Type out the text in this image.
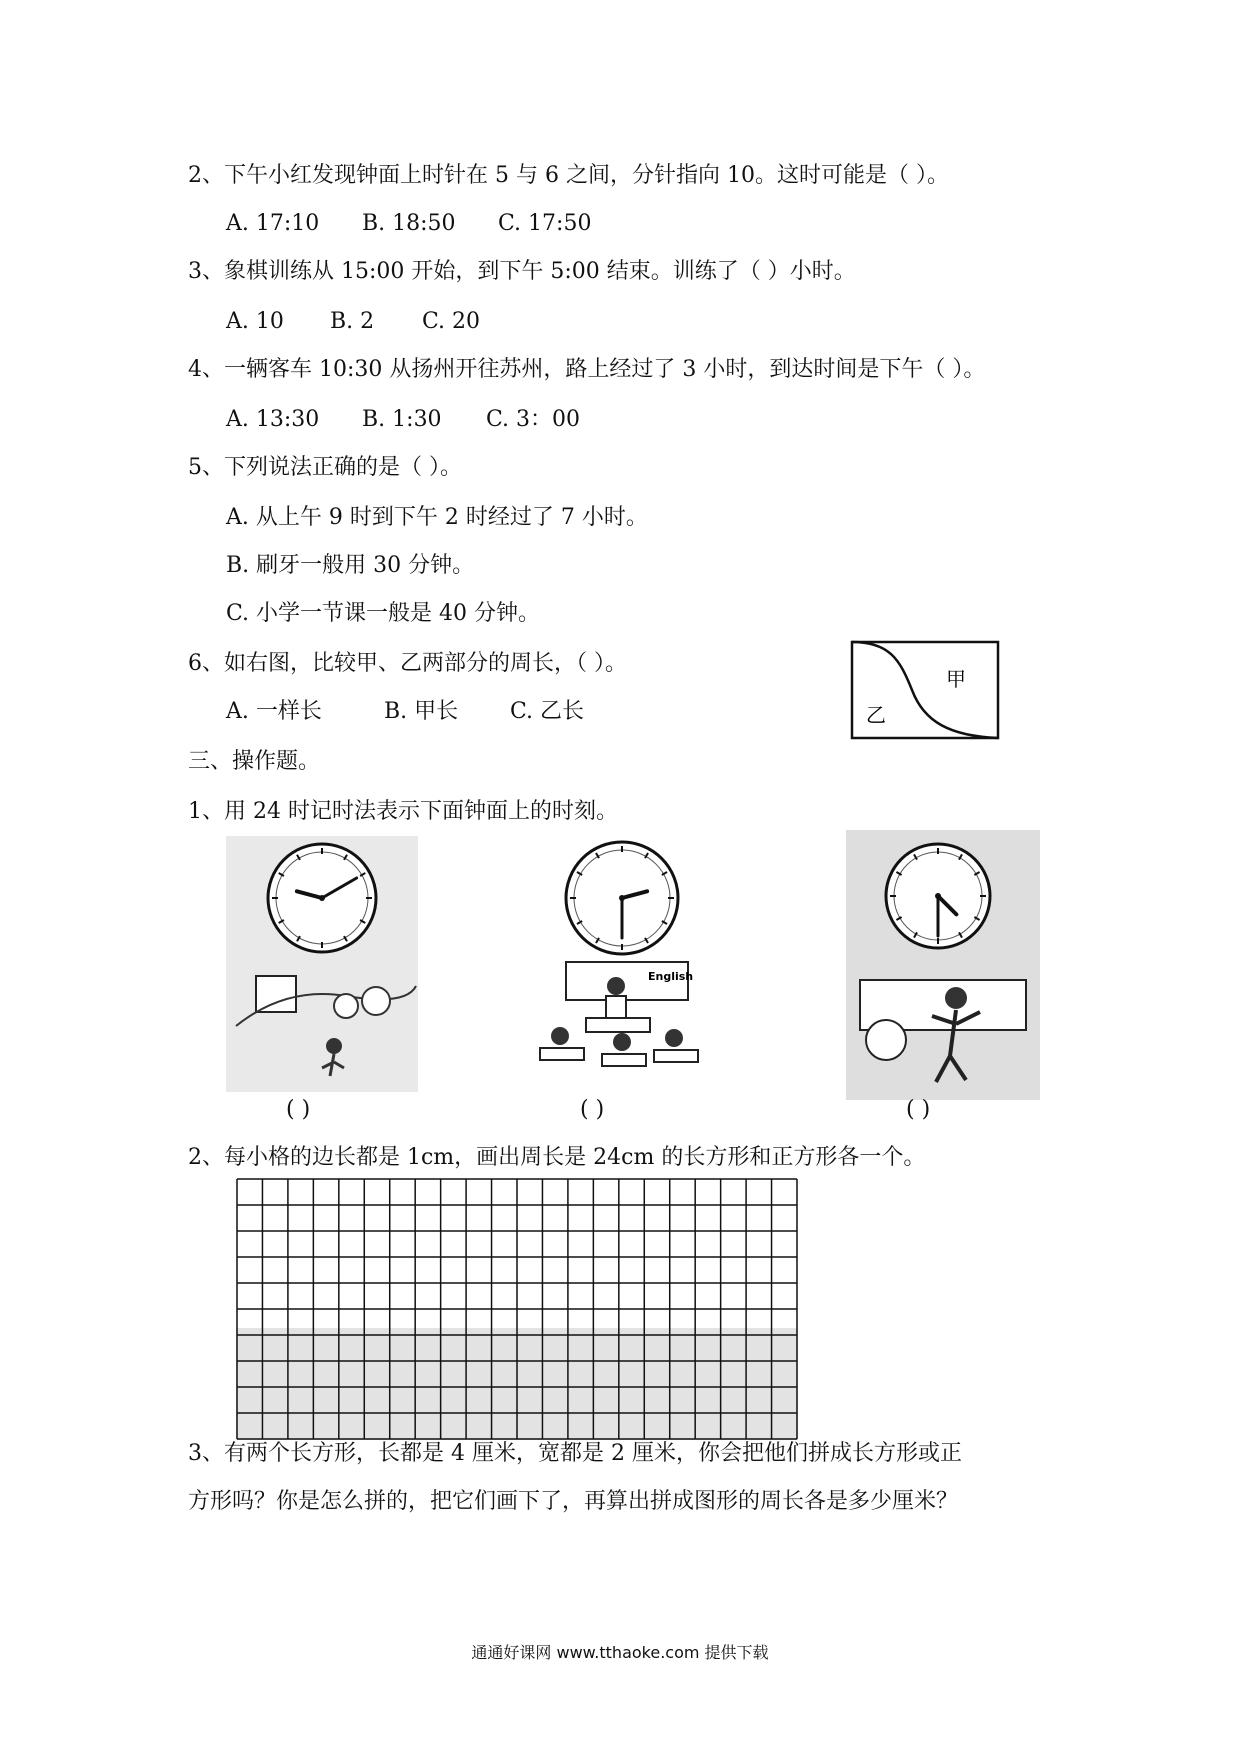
2、下午小红发现钟面上时针在 5 与 6 之间，分针指向 10。这时可能是（ ）。
A. 17:10 B. 18:50 C. 17:50
3、象棋训练从 15:00 开始，到下午 5:00 结束。训练了（ ）小时。
A. 10 B. 2 C. 20
4、一辆客车 10:30 从扬州开往苏州，路上经过了 3 小时，到达时间是下午（ ）。
A. 13:30 B. 1:30 C. 3：00
5、下列说法正确的是（ ）。
A. 从上午 9 时到下午 2 时经过了 7 小时。
B. 刷牙一般用 30 分钟。
C. 小学一节课一般是 40 分钟。
6、如右图，比较甲、乙两部分的周长，（ ）。
A. 一样长	B. 甲长 C. 乙长
甲
乙
三、操作题。
1、用 24 时记时法表示下面钟面上的时刻。
English
( )	( )	( )
2、每小格的边长都是 1cm，画出周长是 24cm 的长方形和正方形各一个。
3、有两个长方形，长都是 4 厘米，宽都是 2 厘米，你会把他们拼成长方形或正
方形吗？你是怎么拼的，把它们画下了，再算出拼成图形的周长各是多少厘米？
通通好课网 www.tthaoke.com 提供下载
